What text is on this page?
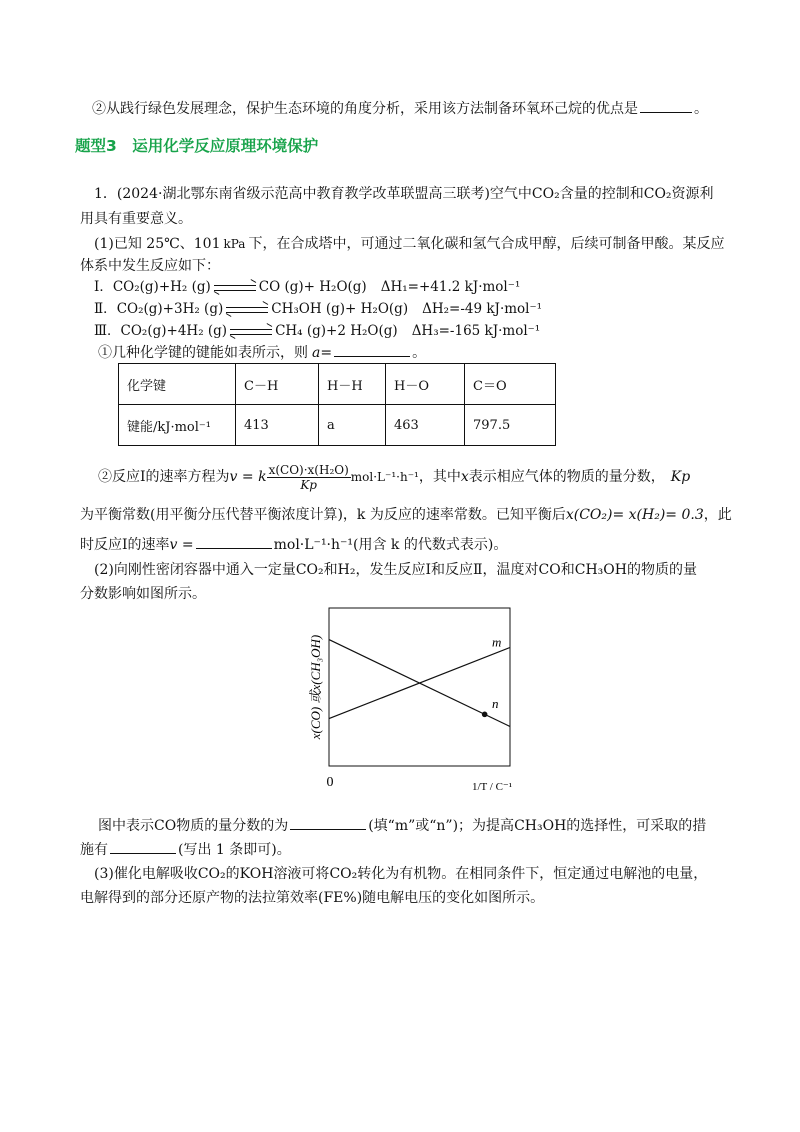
②从践行绿色发展理念，保护生态环境的角度分析，采用该方法制备环氧环己烷的优点是	。
题型3　运用化学反应原理环境保护
1．(2024·湖北鄂东南省级示范高中教育教学改革联盟高三联考)空气中CO₂含量的控制和CO₂资源利
用具有重要意义。
(1)已知 25℃、101 kPa 下，在合成塔中，可通过二氧化碳和氢气合成甲醇，后续可制备甲酸。某反应
体系中发生反应如下：
Ⅰ．CO₂(g)+H₂ (g)	CO (g)+ H₂O(g) ΔH₁=+41.2 kJ·mol⁻¹
Ⅱ．CO₂(g)+3H₂ (g)	CH₃OH (g)+ H₂O(g) ΔH₂=-49 kJ·mol⁻¹
Ⅲ．CO₂(g)+4H₂ (g)	CH₄ (g)+2 H₂O(g) ΔH₃=-165 kJ·mol⁻¹
①几种化学键的键能如表所示，则 a=	。
化学键	C－H	H－H	H－O	C＝O
键能/kJ·mol⁻¹	413	a	463	797.5
②反应Ⅰ的速率方程为v = k $\frac{\text{x(CO)·x(H₂O)}}{Kp} mol\cdot L^{-1}\cdot h^{-1}$，其中x表示相应气体的物质的量分数， Kp
为平衡常数(用平衡分压代替平衡浓度计算)，k 为反应的速率常数。已知平衡后x(CO₂)= x(H₂)= 0.3，此
时反应Ⅰ的速率v =	mol·L⁻¹·h⁻¹(用含 k 的代数式表示)。
(2)向刚性密闭容器中通入一定量CO₂和H₂，发生反应Ⅰ和反应Ⅱ，温度对CO和CH₃OH的物质的量
分数影响如图所示。
m
n
x(CO) 或x(CH₃OH)
0	1/T / C⁻¹
图中表示CO物质的量分数的为	(填“m”或“n”)；为提高CH₃OH的选择性，可采取的措
施有	(写出 1 条即可)。
(3)催化电解吸收CO₂的KOH溶液可将CO₂转化为有机物。在相同条件下，恒定通过电解池的电量，
电解得到的部分还原产物的法拉第效率(FE%)随电解电压的变化如图所示。
